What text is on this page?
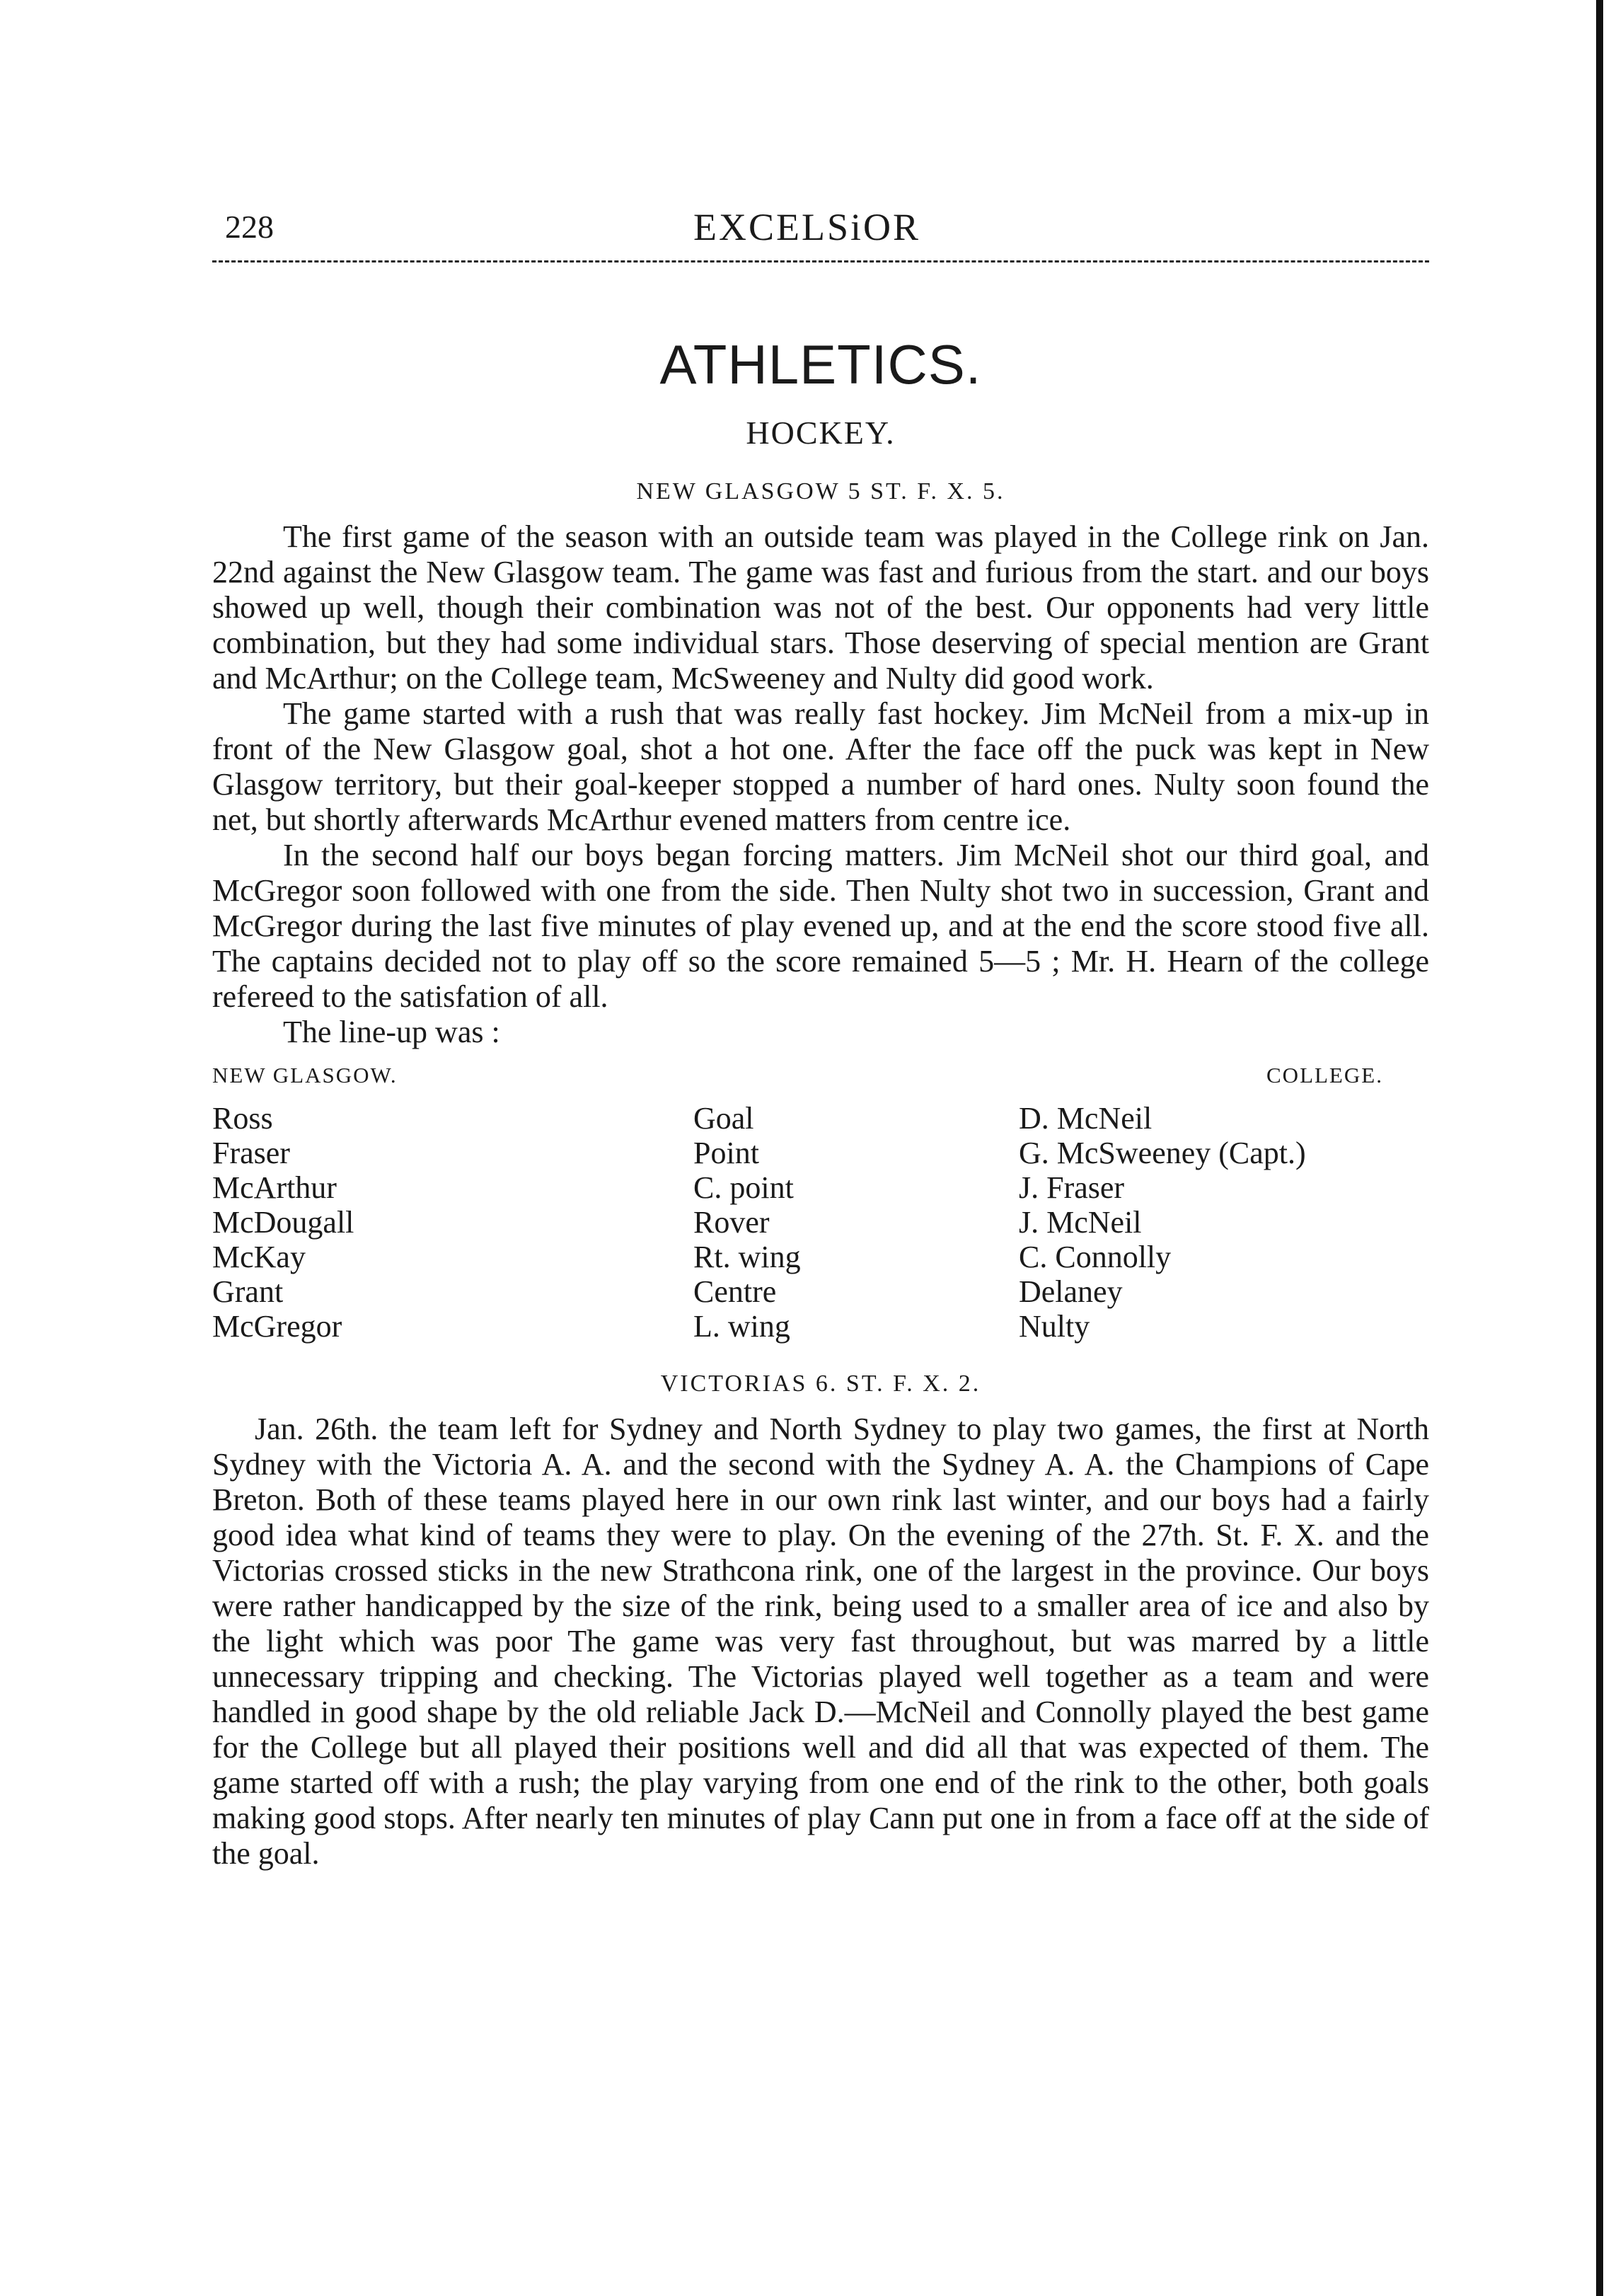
228	EXCELSiOR
ATHLETICS.
HOCKEY.
NEW GLASGOW 5 ST. F. X. 5.

The first game of the season with an outside team was played in the College rink on Jan. 22nd against the New Glasgow team. The game was fast and furious from the start. and our boys showed up well, though their combination was not of the best. Our opponents had very little combination, but they had some individual stars. Those deserving of special mention are Grant and McArthur; on the College team, McSweeney and Nulty did good work.

The game started with a rush that was really fast hockey. Jim McNeil from a mix-up in front of the New Glasgow goal, shot a hot one. After the face off the puck was kept in New Glasgow territory, but their goal-keeper stopped a number of hard ones. Nulty soon found the net, but shortly afterwards McArthur evened matters from centre ice.

In the second half our boys began forcing matters. Jim McNeil shot our third goal, and McGregor soon followed with one from the side. Then Nulty shot two in succession, Grant and McGregor during the last five minutes of play evened up, and at the end the score stood five all. The captains decided not to play off so the score remained 5—5 ; Mr. H. Hearn of the college refereed to the satisfation of all.

The line-up was :

NEW GLASGOW.	COLLEGE.
Ross	Goal	D. McNeil
Fraser	Point	G. McSweeney (Capt.)
McArthur	C. point	J. Fraser
McDougall	Rover	J. McNeil
McKay	Rt. wing	C. Connolly
Grant	Centre	Delaney
McGregor	L. wing	Nulty
VICTORIAS 6. ST. F. X. 2.

Jan. 26th. the team left for Sydney and North Sydney to play two games, the first at North Sydney with the Victoria A. A. and the second with the Sydney A. A. the Champions of Cape Breton. Both of these teams played here in our own rink last winter, and our boys had a fairly good idea what kind of teams they were to play. On the evening of the 27th. St. F. X. and the Victorias crossed sticks in the new Strathcona rink, one of the largest in the province. Our boys were rather handicapped by the size of the rink, being used to a smaller area of ice and also by the light which was poor The game was very fast throughout, but was marred by a little unnecessary tripping and checking. The Victorias played well together as a team and were handled in good shape by the old reliable Jack D.—McNeil and Connolly played the best game for the College but all played their positions well and did all that was expected of them. The game started off with a rush; the play varying from one end of the rink to the other, both goals making good stops. After nearly ten minutes of play Cann put one in from a face off at the side of the goal.
